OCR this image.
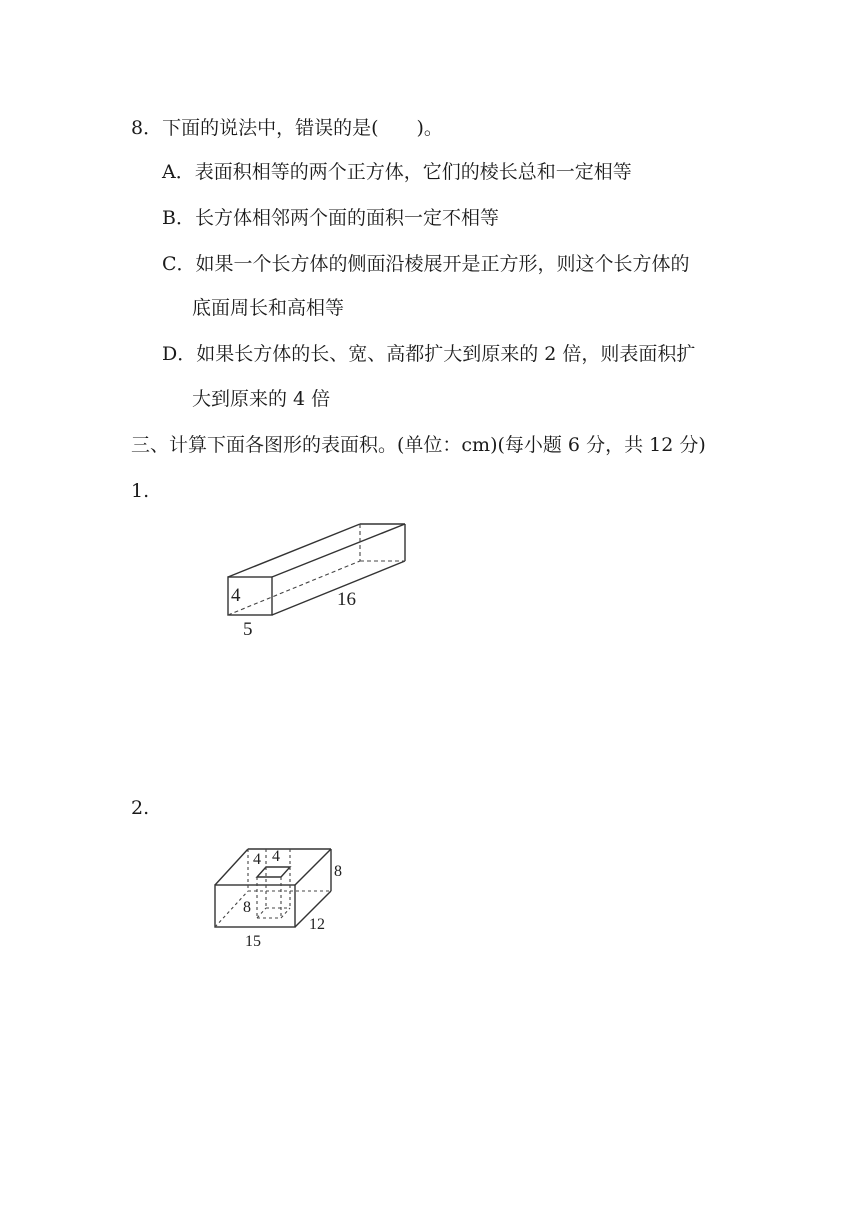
8．下面的说法中，错误的是(　　)。
A．表面积相等的两个正方体，它们的棱长总和一定相等
B．长方体相邻两个面的面积一定不相等
C．如果一个长方体的侧面沿棱展开是正方形，则这个长方体的
底面周长和高相等
D．如果长方体的长、宽、高都扩大到原来的 2 倍，则表面积扩
大到原来的 4 倍
三、计算下面各图形的表面积。(单位：cm)(每小题 6 分，共 12 分)
1.
4
5
16
2.
4 4
8
8
12
15
